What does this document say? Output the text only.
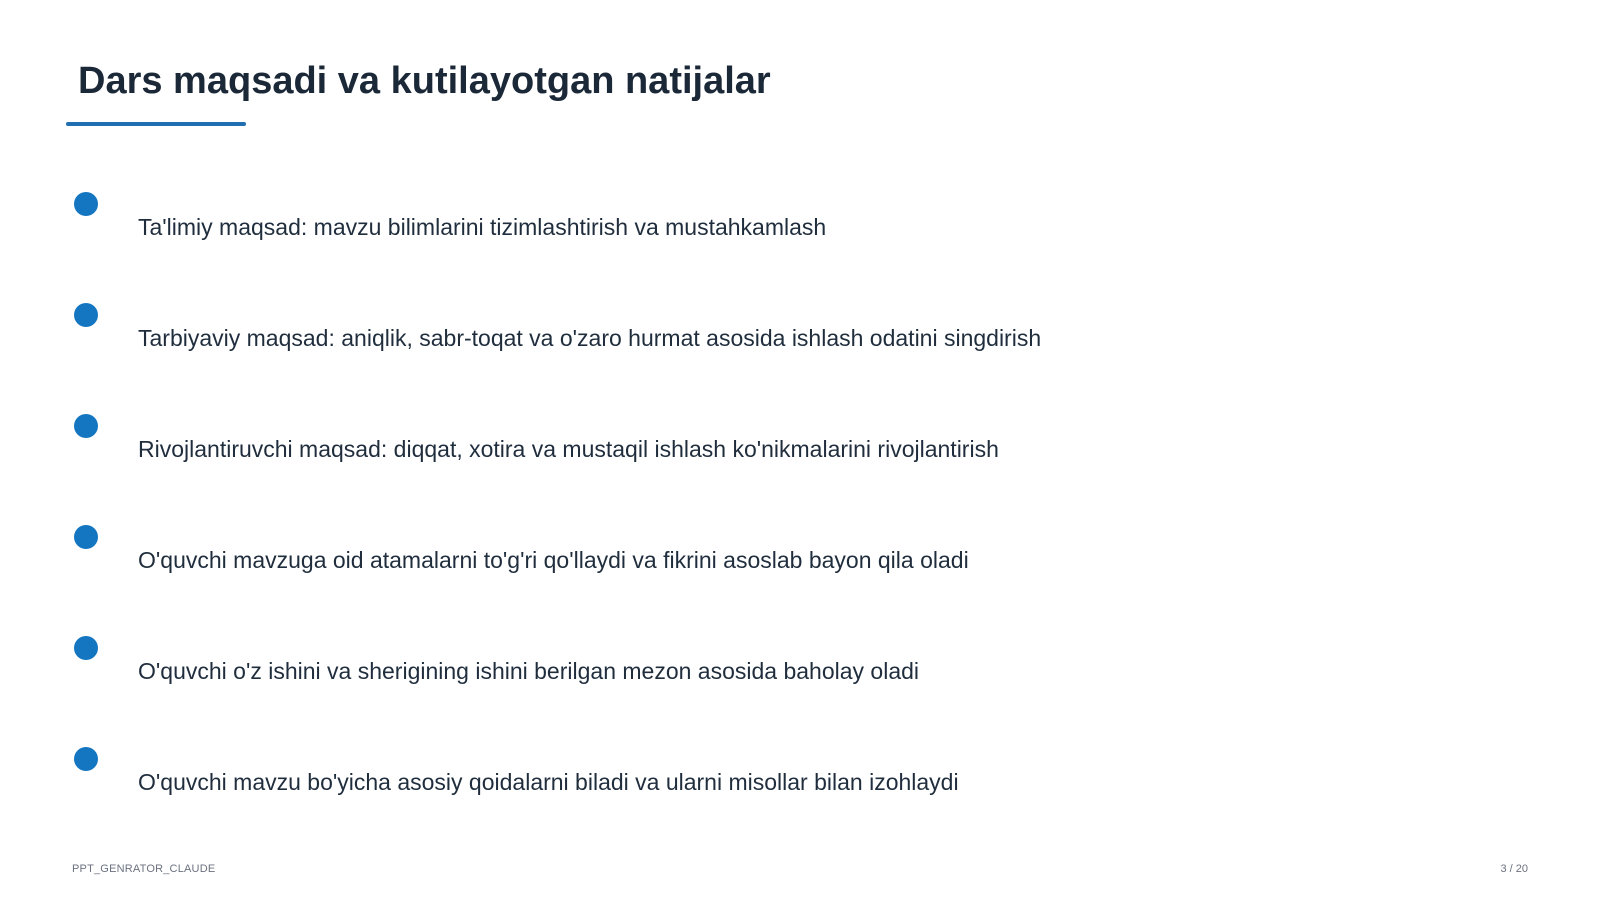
Dars maqsadi va kutilayotgan natijalar
Ta'limiy maqsad: mavzu bilimlarini tizimlashtirish va mustahkamlash
Tarbiyaviy maqsad: aniqlik, sabr-toqat va o'zaro hurmat asosida ishlash odatini singdirish
Rivojlantiruvchi maqsad: diqqat, xotira va mustaqil ishlash ko'nikmalarini rivojlantirish
O'quvchi mavzuga oid atamalarni to'g'ri qo'llaydi va fikrini asoslab bayon qila oladi
O'quvchi o'z ishini va sherigining ishini berilgan mezon asosida baholay oladi
O'quvchi mavzu bo'yicha asosiy qoidalarni biladi va ularni misollar bilan izohlaydi
PPT_GENRATOR_CLAUDE	3 / 20
